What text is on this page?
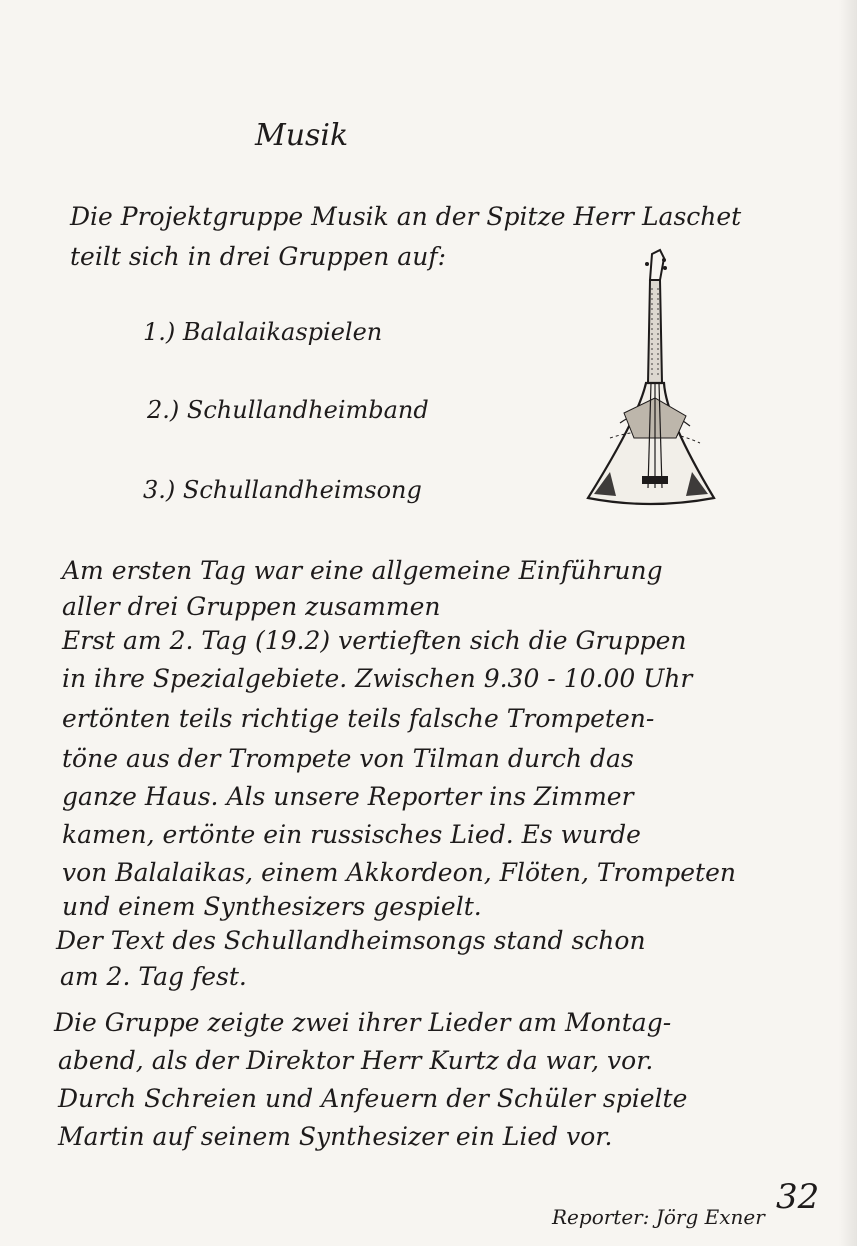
Musik
Die Projektgruppe Musik an der Spitze Herr Laschet
teilt sich in drei Gruppen auf:
1.) Balalaikaspielen
2.) Schullandheimband
3.) Schullandheimsong
Am ersten Tag war eine allgemeine Einführung
aller drei Gruppen zusammen
Erst am 2. Tag (19.2) vertieften sich die Gruppen
in ihre Spezialgebiete. Zwischen 9.30 - 10.00 Uhr
ertönten teils richtige teils falsche Trompeten-
töne aus der Trompete von Tilman durch das
ganze Haus. Als unsere Reporter ins Zimmer
kamen, ertönte ein russisches Lied. Es wurde
von Balalaikas, einem Akkordeon, Flöten, Trompeten
und einem Synthesizers gespielt.
Der Text des Schullandheimsongs stand schon
am 2. Tag fest.
Die Gruppe zeigte zwei ihrer Lieder am Montag-
abend, als der Direktor Herr Kurtz da war, vor.
Durch Schreien und Anfeuern der Schüler spielte
Martin auf seinem Synthesizer ein Lied vor.
Reporter: Jörg Exner 32
